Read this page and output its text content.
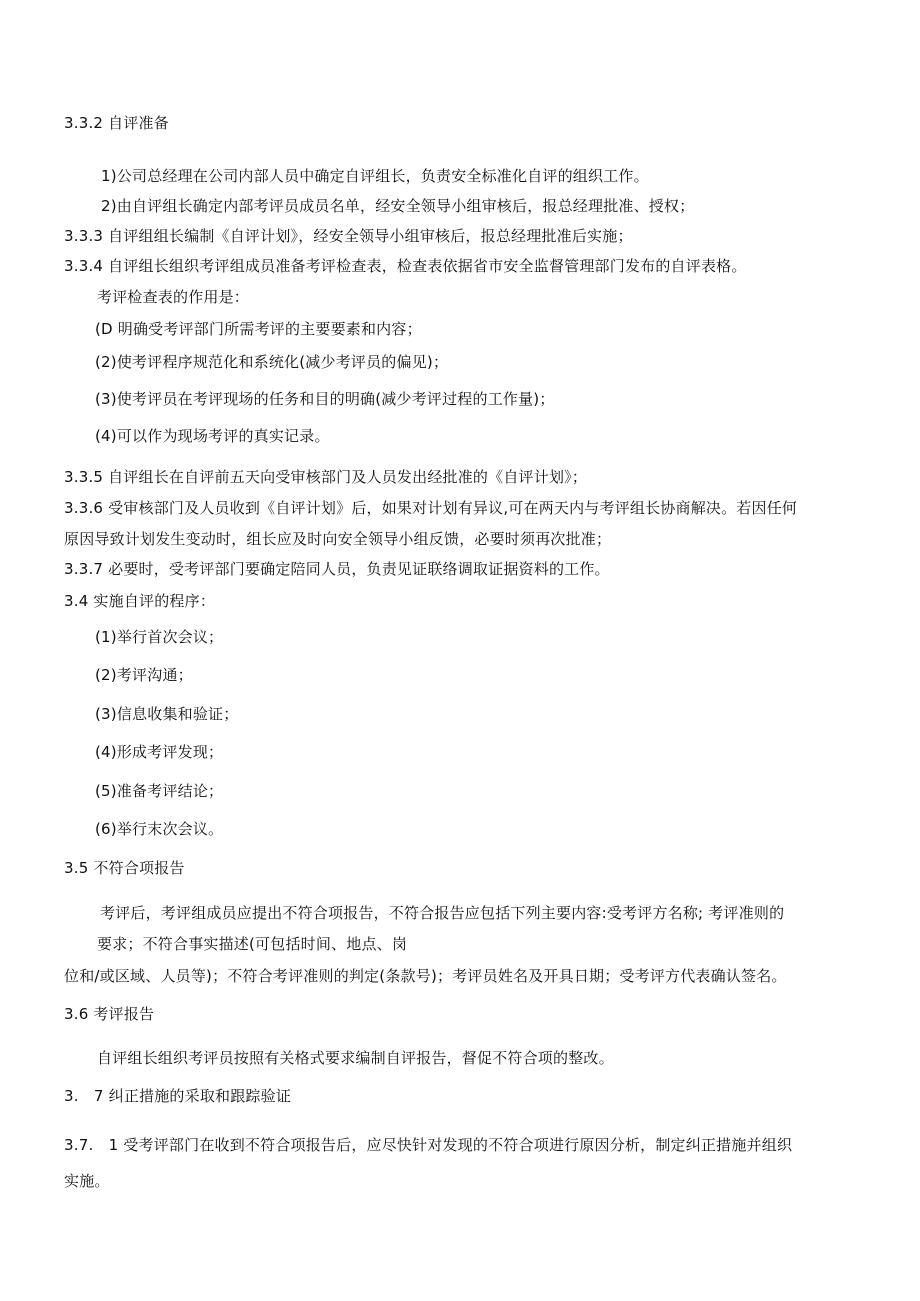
3.3.2 自评准备
1)公司总经理在公司内部人员中确定自评组长，负责安全标准化自评的组织工作。
2)由自评组长确定内部考评员成员名单，经安全领导小组审核后，报总经理批准、授权；
3.3.3 自评组组长编制《自评计划》，经安全领导小组审核后，报总经理批准后实施；
3.3.4 自评组长组织考评组成员准备考评检查表，检查表依据省市安全监督管理部门发布的自评表格。
考评检查表的作用是：
(D 明确受考评部门所需考评的主要要素和内容；
(2)使考评程序规范化和系统化(减少考评员的偏见)；
(3)使考评员在考评现场的任务和目的明确(减少考评过程的工作量)；
(4)可以作为现场考评的真实记录。
3.3.5 自评组长在自评前五天向受审核部门及人员发出经批准的《自评计划》；
3.3.6 受审核部门及人员收到《自评计划》后，如果对计划有异议,可在两天内与考评组长协商解决。若因任何
原因导致计划发生变动时，组长应及时向安全领导小组反馈，必要时须再次批准；
3.3.7 必要时，受考评部门要确定陪同人员，负责见证联络调取证据资料的工作。
3.4 实施自评的程序：
(1)举行首次会议；
(2)考评沟通；
(3)信息收集和验证；
(4)形成考评发现；
(5)准备考评结论；
(6)举行末次会议。
3.5 不符合项报告
考评后，考评组成员应提出不符合项报告，不符合报告应包括下列主要内容:受考评方名称; 考评准则的
要求；不符合事实描述(可包括时间、地点、岗
位和/或区域、人员等)；不符合考评准则的判定(条款号)；考评员姓名及开具日期；受考评方代表确认签名。
3.6 考评报告
自评组长组织考评员按照有关格式要求编制自评报告，督促不符合项的整改。
3.　7 纠正措施的采取和跟踪验证
3.7.　1 受考评部门在收到不符合项报告后，应尽快针对发现的不符合项进行原因分析，制定纠正措施并组织
实施。
